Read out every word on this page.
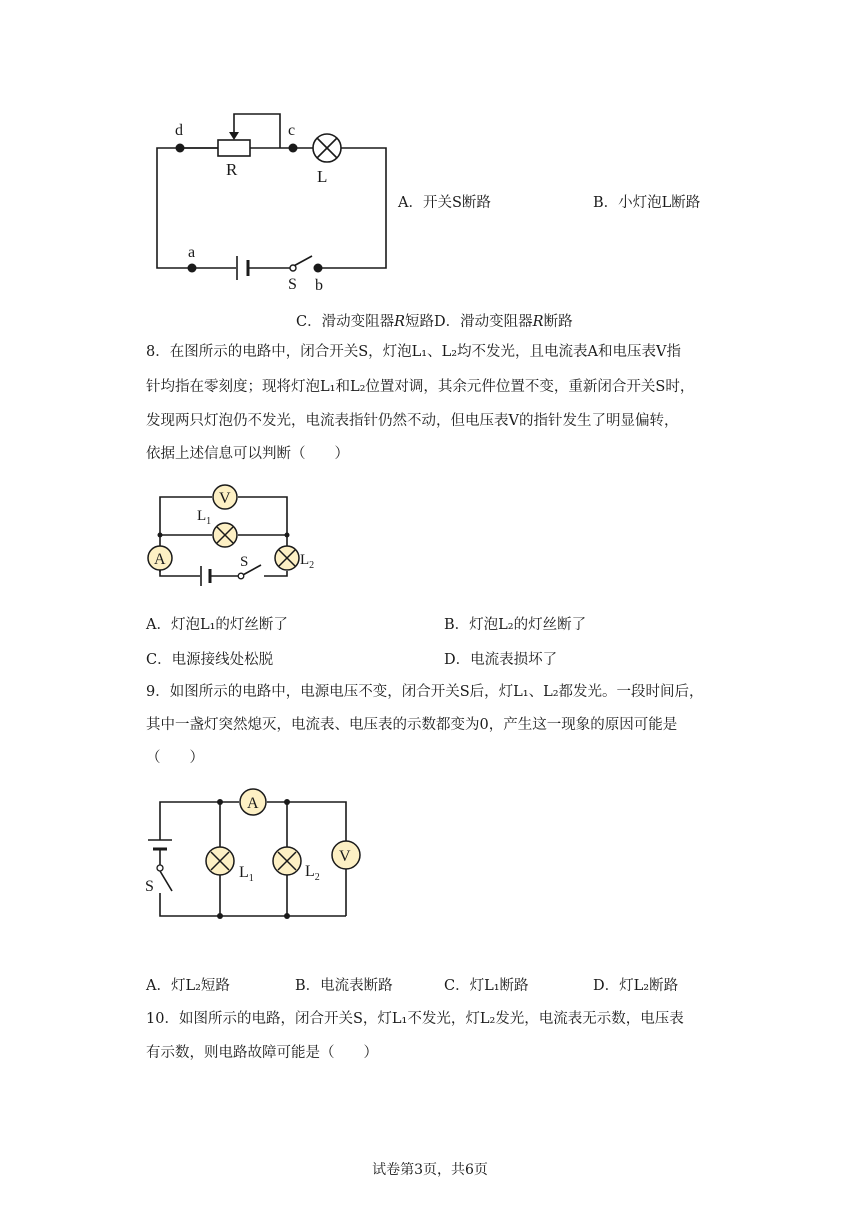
d	c
R	L
a
S b
A．开关S断路	B．小灯泡L断路
C．滑动变阻器R短路D．滑动变阻器R断路
8．在图所示的电路中，闭合开关S，灯泡L₁、L₂均不发光，且电流表A和电压表V指
针均指在零刻度；现将灯泡L₁和L₂位置对调，其余元件位置不变，重新闭合开关S时，
发现两只灯泡仍不发光，电流表指针仍然不动，但电压表V的指针发生了明显偏转，
依据上述信息可以判断（　　）
V
A
$L_1$
$L_2$
S
A．灯泡L₁的灯丝断了	B．灯泡L₂的灯丝断了
C．电源接线处松脱	D．电流表损坏了
9．如图所示的电路中，电源电压不变，闭合开关S后，灯L₁、L₂都发光。一段时间后，
其中一盏灯突然熄灭，电流表、电压表的示数都变为0，产生这一现象的原因可能是
（　　）
A
V
S
$L_1$	$L_2$
A．灯L₂短路	B．电流表断路	C．灯L₁断路	D．灯L₂断路
10．如图所示的电路，闭合开关S，灯L₁不发光，灯L₂发光，电流表无示数，电压表
有示数，则电路故障可能是（　　）
试卷第3页，共6页
